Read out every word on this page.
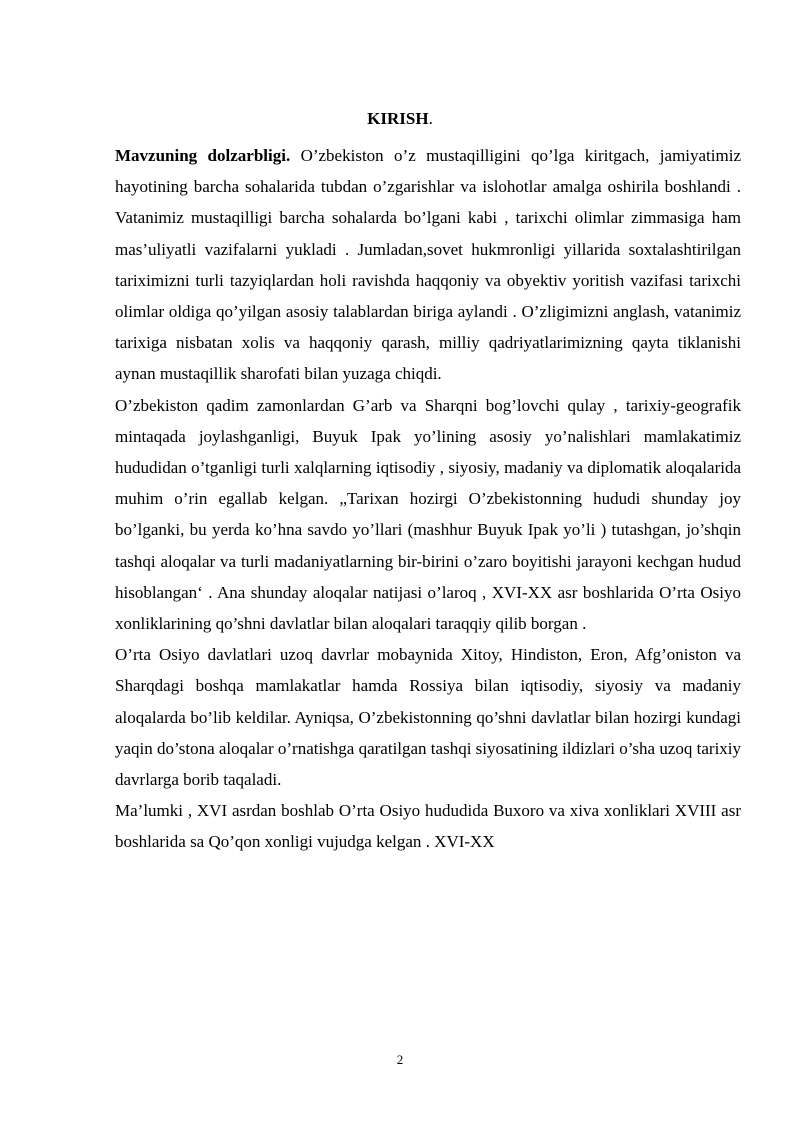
KIRISH.

Mavzuning dolzarbligi. O’zbekiston o’z mustaqilligini qo’lga kiritgach, jamiyatimiz hayotining barcha sohalarida tubdan o’zgarishlar va islohotlar amalga oshirila boshlandi . Vatanimiz mustaqilligi barcha sohalarda bo’lgani kabi , tarixchi olimlar zimmasiga ham mas’uliyatli vazifalarni yukladi . Jumladan,sovet hukmronligi yillarida soxtalashtirilgan tariximizni turli tazyiqlardan holi ravishda haqqoniy va obyektiv yoritish vazifasi tarixchi olimlar oldiga qo’yilgan asosiy talablardan biriga aylandi . O’zligimizni anglash, vatanimiz tarixiga nisbatan xolis va haqqoniy qarash, milliy qadriyatlarimizning qayta tiklanishi aynan mustaqillik sharofati bilan yuzaga chiqdi.

O’zbekiston qadim zamonlardan G’arb va Sharqni bog’lovchi qulay , tarixiy-geografik mintaqada joylashganligi, Buyuk Ipak yo’lining asosiy yo’nalishlari mamlakatimiz hududidan o’tganligi turli xalqlarning iqtisodiy , siyosiy, madaniy va diplomatik aloqalarida muhim o’rin egallab kelgan. „Tarixan hozirgi O’zbekistonning hududi shunday joy bo’lganki, bu yerda ko’hna savdo yo’llari (mashhur Buyuk Ipak yo’li ) tutashgan, jo’shqin tashqi aloqalar va turli madaniyatlarning bir-birini o’zaro boyitishi jarayoni kechgan hudud hisoblangan‘ . Ana shunday aloqalar natijasi o’laroq , XVI-XX asr boshlarida O’rta Osiyo xonliklarining qo’shni davlatlar bilan aloqalari taraqqiy qilib borgan .

O’rta Osiyo davlatlari uzoq davrlar mobaynida Xitoy, Hindiston, Eron, Afg’oniston va Sharqdagi boshqa mamlakatlar hamda Rossiya bilan iqtisodiy, siyosiy va madaniy aloqalarda bo’lib keldilar. Ayniqsa, O’zbekistonning qo’shni davlatlar bilan hozirgi kundagi yaqin do’stona aloqalar o’rnatishga qaratilgan tashqi siyosatining ildizlari o’sha uzoq tarixiy davrlarga borib taqaladi.

Ma’lumki , XVI asrdan boshlab O’rta Osiyo hududida Buxoro va xiva xonliklari XVIII asr boshlarida sa Qo’qon xonligi vujudga kelgan . XVI-XX

2
